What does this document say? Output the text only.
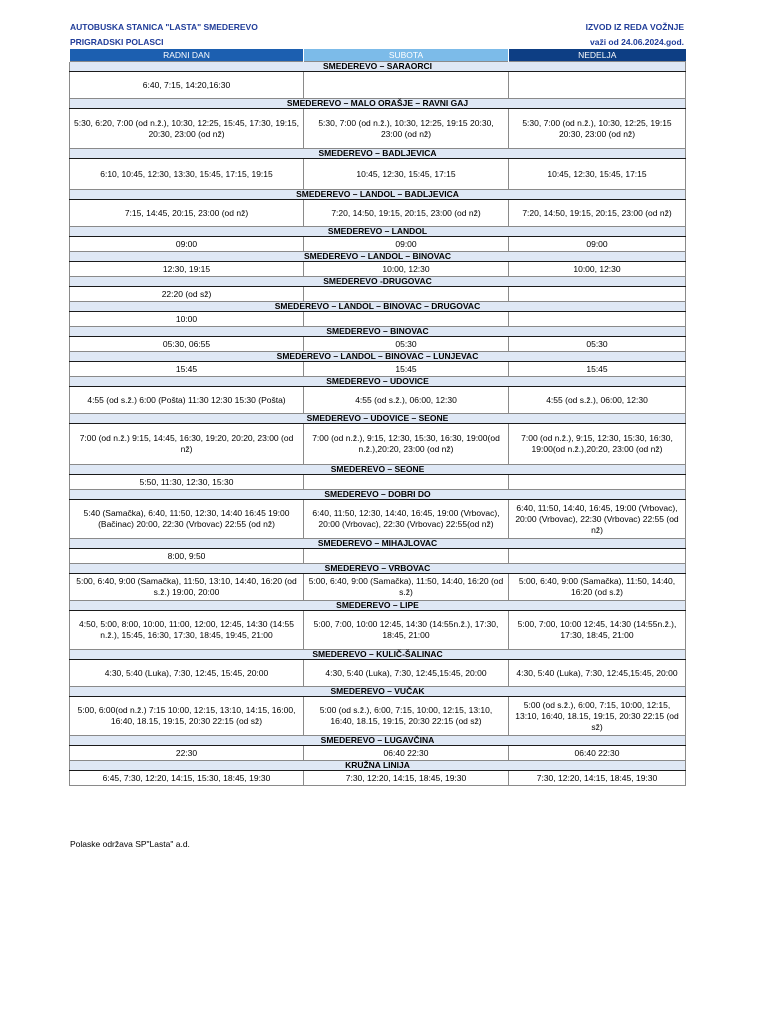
AUTOBUSKA STANICA "LASTA" SMEDEREVO
PRIGRADSKI POLASCI
IZVOD IZ REDA VOŽNJE
važi od 24.06.2024.god.
RADNI DAN	SUBOTA	NEDELJA
SMEDEREVO – SARAORCI		
6:40, 7:15, 14:20,16:30		
SMEDEREVO – MALO ORAŠJE – RAVNI GAJ		
5:30, 6:20, 7:00 (od n.ž.), 10:30, 12:25, 15:45, 17:30, 19:15, 20:30, 23:00 (od nž)	5:30, 7:00 (od n.ž.), 10:30, 12:25, 19:15 20:30, 23:00 (od nž)	5:30, 7:00 (od n.ž.), 10:30, 12:25, 19:15 20:30, 23:00 (od nž)
SMEDEREVO – BADLJEVICA		
6:10, 10:45, 12:30, 13:30, 15:45, 17:15, 19:15	10:45, 12:30, 15:45, 17:15	10:45, 12:30, 15:45, 17:15
SMEDEREVO – LANDOL – BADLJEVICA		
7:15, 14:45, 20:15, 23:00 (od nž)	7:20, 14:50, 19:15, 20:15, 23:00 (od nž)	7:20, 14:50, 19:15, 20:15, 23:00 (od nž)
SMEDEREVO – LANDOL		
09:00	09:00	09:00
SMEDEREVO – LANDOL – BINOVAC		
12:30, 19:15	10:00, 12:30	10:00, 12:30
SMEDEREVO -DRUGOVAC		
22:20 (od sž)		
SMEDEREVO – LANDOL – BINOVAC – DRUGOVAC		
10:00		
SMEDEREVO – BINOVAC		
05:30, 06:55	05:30	05:30
SMEDEREVO – LANDOL – BINOVAC – LUNJEVAC		
15:45	15:45	15:45
SMEDEREVO – UDOVICE		
4:55 (od s.ž.) 6:00 (Pošta) 11:30 12:30 15:30 (Pošta)	4:55 (od s.ž.), 06:00, 12:30	4:55 (od s.ž.), 06:00, 12:30
SMEDEREVO – UDOVICE – SEONE		
7:00 (od n.ž.) 9:15, 14:45, 16:30, 19:20, 20:20, 23:00 (od nž)	7:00 (od n.ž.), 9:15, 12:30, 15:30, 16:30, 19:00(od n.ž.),20:20, 23:00 (od nž)	7:00 (od n.ž.), 9:15, 12:30, 15:30, 16:30, 19:00(od n.ž.),20:20, 23:00 (od nž)
SMEDEREVO – SEONE		
5:50, 11:30, 12:30, 15:30		
SMEDEREVO – DOBRI DO		
5:40 (Samačka), 6:40, 11:50, 12:30, 14:40 16:45 19:00 (Bačinac) 20:00, 22:30 (Vrbovac) 22:55 (od nž)	6:40, 11:50, 12:30, 14:40, 16:45, 19:00 (Vrbovac), 20:00 (Vrbovac), 22:30 (Vrbovac) 22:55(od nž)	6:40, 11:50, 14:40, 16:45, 19:00 (Vrbovac), 20:00 (Vrbovac), 22:30 (Vrbovac) 22:55 (od nž)
SMEDEREVO – MIHAJLOVAC		
8:00, 9:50		
SMEDEREVO – VRBOVAC		
5:00, 6:40, 9:00 (Samačka), 11:50, 13:10, 14:40, 16:20 (od s.ž.) 19:00, 20:00	5:00, 6:40, 9:00 (Samačka), 11:50, 14:40, 16:20 (od s.ž)	5:00, 6:40, 9:00 (Samačka), 11:50, 14:40, 16:20 (od s.ž)
SMEDEREVO – LIPE		
4:50, 5:00, 8:00, 10:00, 11:00, 12:00, 12:45, 14:30 (14:55 n.ž.), 15:45, 16:30, 17:30, 18:45, 19:45, 21:00	5:00, 7:00, 10:00 12:45, 14:30 (14:55n.ž.), 17:30, 18:45, 21:00	5:00, 7:00, 10:00 12:45, 14:30 (14:55n.ž.), 17:30, 18:45, 21:00
SMEDEREVO – KULIČ-ŠALINAC		
4:30, 5:40 (Luka), 7:30, 12:45, 15:45, 20:00	4:30, 5:40 (Luka), 7:30, 12:45,15:45, 20:00	4:30, 5:40 (Luka), 7:30, 12:45,15:45, 20:00
SMEDEREVO – VUČAK		
5:00, 6:00(od n.ž.) 7:15 10:00, 12:15, 13:10, 14:15, 16:00, 16:40, 18.15, 19:15, 20:30 22:15 (od sž)	5:00 (od s.ž.), 6:00, 7:15, 10:00, 12:15, 13:10, 16:40, 18.15, 19:15, 20:30 22:15 (od sž)	5:00 (od s.ž.), 6:00, 7:15, 10:00, 12:15, 13:10, 16:40, 18.15, 19:15, 20:30 22:15 (od sž)
SMEDEREVO – LUGAVČINA		
22:30	06:40 22:30	06:40 22:30
KRUŽNA LINIJA		
6:45, 7:30, 12:20, 14:15, 15:30, 18:45, 19:30	7:30, 12:20, 14:15, 18:45, 19:30	7:30, 12:20, 14:15, 18:45, 19:30
Polaske održava SP"Lasta" a.d.
